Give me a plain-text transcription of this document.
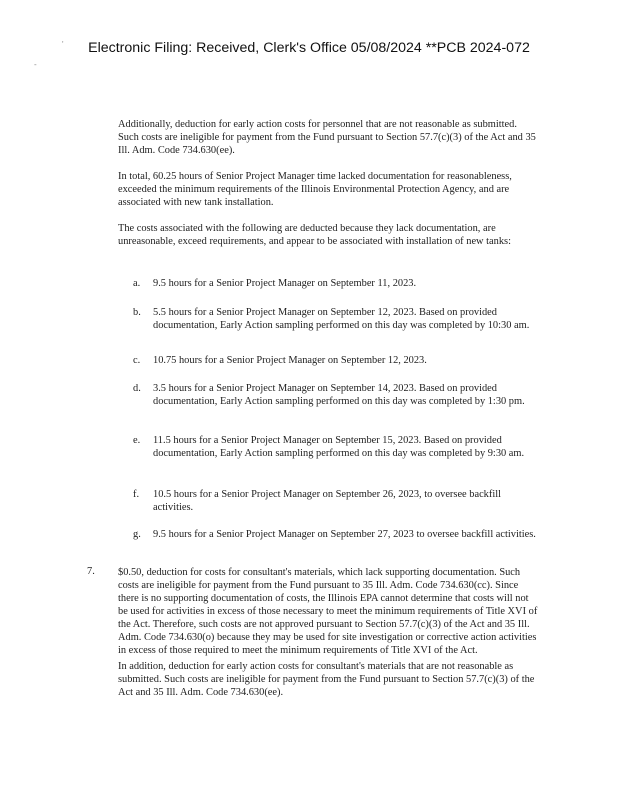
'
-
Electronic Filing: Received, Clerk's Office 05/08/2024 **PCB 2024-072
Additionally, deduction for early action costs for personnel that are not reasonable as submitted. Such costs are ineligible for payment from the Fund pursuant to Section 57.7(c)(3) of the Act and 35 Ill. Adm. Code 734.630(ee).
In total, 60.25 hours of Senior Project Manager time lacked documentation for reasonableness, exceeded the minimum requirements of the Illinois Environmental Protection Agency, and are associated with new tank installation.
The costs associated with the following are deducted because they lack documentation, are unreasonable, exceed requirements, and appear to be associated with installation of new tanks:
a. 9.5 hours for a Senior Project Manager on September 11, 2023.
b. 5.5 hours for a Senior Project Manager on September 12, 2023. Based on provided documentation, Early Action sampling performed on this day was completed by 10:30 am.
c. 10.75 hours for a Senior Project Manager on September 12, 2023.
d. 3.5 hours for a Senior Project Manager on September 14, 2023. Based on provided documentation, Early Action sampling performed on this day was completed by 1:30 pm.
e. 11.5 hours for a Senior Project Manager on September 15, 2023. Based on provided documentation, Early Action sampling performed on this day was completed by 9:30 am.
f. 10.5 hours for a Senior Project Manager on September 26, 2023, to oversee backfill activities.
g. 9.5 hours for a Senior Project Manager on September 27, 2023 to oversee backfill activities.
7. $0.50, deduction for costs for consultant's materials, which lack supporting documentation. Such costs are ineligible for payment from the Fund pursuant to 35 Ill. Adm. Code 734.630(cc). Since there is no supporting documentation of costs, the Illinois EPA cannot determine that costs will not be used for activities in excess of those necessary to meet the minimum requirements of Title XVI of the Act. Therefore, such costs are not approved pursuant to Section 57.7(c)(3) of the Act and 35 Ill. Adm. Code 734.630(o) because they may be used for site investigation or corrective action activities in excess of those required to meet the minimum requirements of Title XVI of the Act.
In addition, deduction for early action costs for consultant's materials that are not reasonable as submitted. Such costs are ineligible for payment from the Fund pursuant to Section 57.7(c)(3) of the Act and 35 Ill. Adm. Code 734.630(ee).
